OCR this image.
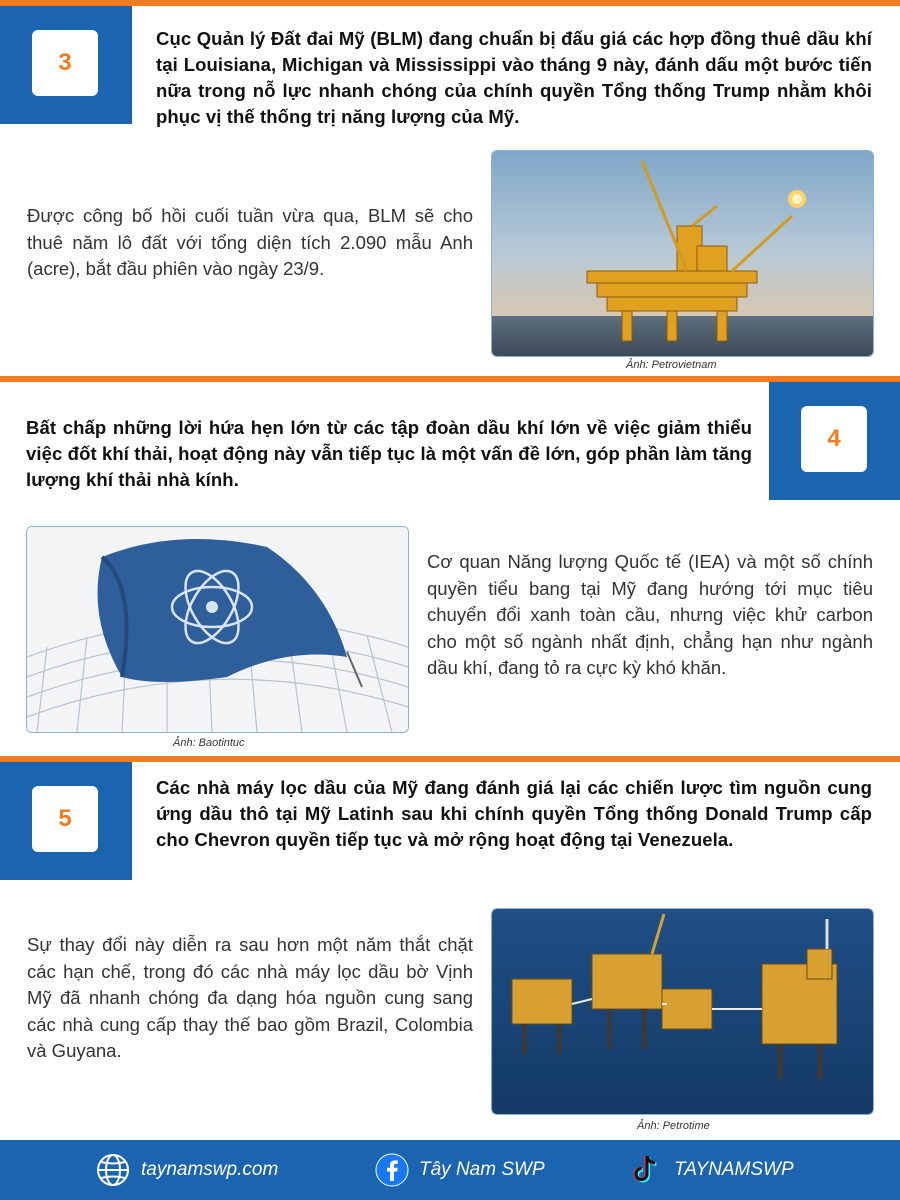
3
Cục Quản lý Đất đai Mỹ (BLM) đang chuẩn bị đấu giá các hợp đồng thuê dầu khí tại Louisiana, Michigan và Mississippi vào tháng 9 này, đánh dấu một bước tiến nữa trong nỗ lực nhanh chóng của chính quyền Tổng thống Trump nhằm khôi phục vị thế thống trị năng lượng của Mỹ.
Được công bố hồi cuối tuần vừa qua, BLM sẽ cho thuê năm lô đất với tổng diện tích 2.090 mẫu Anh (acre), bắt đầu phiên vào ngày 23/9.
Ảnh: Petrovietnam
4
Bất chấp những lời hứa hẹn lớn từ các tập đoàn dầu khí lớn về việc giảm thiểu việc đốt khí thải, hoạt động này vẫn tiếp tục là một vấn đề lớn, góp phần làm tăng lượng khí thải nhà kính.
Ảnh: Baotintuc
Cơ quan Năng lượng Quốc tế (IEA) và một số chính quyền tiểu bang tại Mỹ đang hướng tới mục tiêu chuyển đổi xanh toàn cầu, nhưng việc khử carbon cho một số ngành nhất định, chẳng hạn như ngành dầu khí, đang tỏ ra cực kỳ khó khăn.
5
Các nhà máy lọc dầu của Mỹ đang đánh giá lại các chiến lược tìm nguồn cung ứng dầu thô tại Mỹ Latinh sau khi chính quyền Tổng thống Donald Trump cấp cho Chevron quyền tiếp tục và mở rộng hoạt động tại Venezuela.
Sự thay đổi này diễn ra sau hơn một năm thắt chặt các hạn chế, trong đó các nhà máy lọc dầu bờ Vịnh Mỹ đã nhanh chóng đa dạng hóa nguồn cung sang các nhà cung cấp thay thế bao gồm Brazil, Colombia và Guyana.
Ảnh: Petrotime
taynamswp.com	Tây Nam SWP	TAYNAMSWP
